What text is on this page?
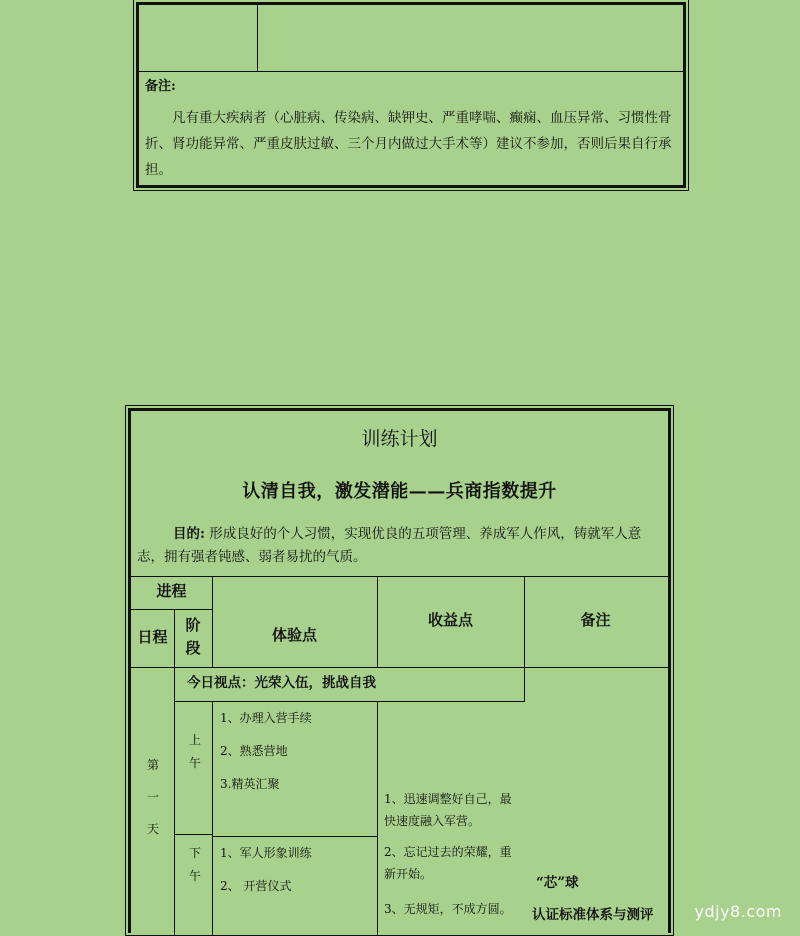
备注:
凡有重大疾病者（心脏病、传染病、缺钾史、严重哮喘、癫痫、血压异常、习惯性骨折、肾功能异常、严重皮肤过敏、三个月内做过大手术等）建议不参加，否则后果自行承担。
训练计划
认清自我，激发潜能——兵商指数提升
目的: 形成良好的个人习惯，实现优良的五项管理、养成军人作风，铸就军人意志，拥有强者钝感、弱者易扰的气质。
进程
日程
阶段
体验点
收益点	备注
第一天
今日视点：光荣入伍，挑战自我
上午
1、办理入营手续
2、熟悉营地
3.精英汇聚
下午
1、军人形象训练
2、 开营仪式
1、迅速调整好自己，最快速度融入军营。
2、忘记过去的荣耀，重新开始。
3、无规矩，不成方圆。
“芯”球
认证标准体系与测评	ydjy8.com
